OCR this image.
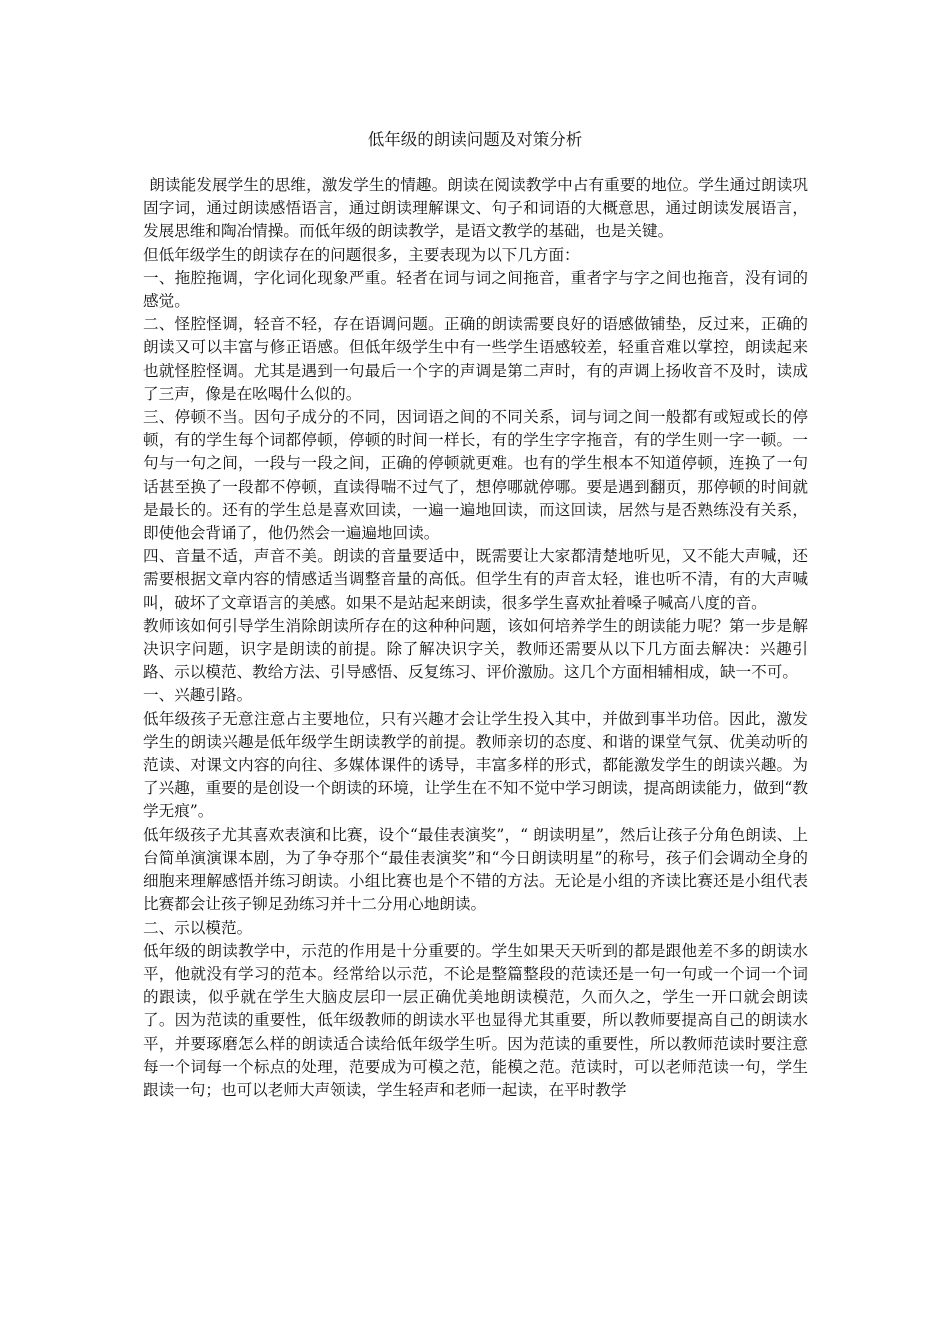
低年级的朗读问题及对策分析

朗读能发展学生的思维，激发学生的情趣。朗读在阅读教学中占有重要的地位。学生通过朗读巩固字词，通过朗读感悟语言，通过朗读理解课文、句子和词语的大概意思，通过朗读发展语言，发展思维和陶冶情操。而低年级的朗读教学，是语文教学的基础，也是关键。

但低年级学生的朗读存在的问题很多，主要表现为以下几方面：

一、拖腔拖调，字化词化现象严重。轻者在词与词之间拖音，重者字与字之间也拖音，没有词的感觉。

二、怪腔怪调，轻音不轻，存在语调问题。正确的朗读需要良好的语感做铺垫，反过来，正确的朗读又可以丰富与修正语感。但低年级学生中有一些学生语感较差，轻重音难以掌控，朗读起来也就怪腔怪调。尤其是遇到一句最后一个字的声调是第二声时，有的声调上扬收音不及时，读成了三声，像是在吆喝什么似的。

三、停顿不当。因句子成分的不同，因词语之间的不同关系，词与词之间一般都有或短或长的停顿，有的学生每个词都停顿，停顿的时间一样长，有的学生字字拖音，有的学生则一字一顿。一句与一句之间，一段与一段之间，正确的停顿就更难。也有的学生根本不知道停顿，连换了一句话甚至换了一段都不停顿，直读得喘不过气了，想停哪就停哪。要是遇到翻页，那停顿的时间就是最长的。还有的学生总是喜欢回读，一遍一遍地回读，而这回读，居然与是否熟练没有关系，即使他会背诵了，他仍然会一遍遍地回读。

四、音量不适，声音不美。朗读的音量要适中，既需要让大家都清楚地听见，又不能大声喊，还需要根据文章内容的情感适当调整音量的高低。但学生有的声音太轻，谁也听不清，有的大声喊叫，破坏了文章语言的美感。如果不是站起来朗读，很多学生喜欢扯着嗓子喊高八度的音。

教师该如何引导学生消除朗读所存在的这种种问题，该如何培养学生的朗读能力呢？第一步是解决识字问题，识字是朗读的前提。除了解决识字关，教师还需要从以下几方面去解决：兴趣引路、示以模范、教给方法、引导感悟、反复练习、评价激励。这几个方面相辅相成，缺一不可。

一、兴趣引路。

低年级孩子无意注意占主要地位，只有兴趣才会让学生投入其中，并做到事半功倍。因此，激发学生的朗读兴趣是低年级学生朗读教学的前提。教师亲切的态度、和谐的课堂气氛、优美动听的范读、对课文内容的向往、多媒体课件的诱导，丰富多样的形式，都能激发学生的朗读兴趣。为了兴趣，重要的是创设一个朗读的环境，让学生在不知不觉中学习朗读，提高朗读能力，做到“教学无痕”。

低年级孩子尤其喜欢表演和比赛，设个“最佳表演奖”，“ 朗读明星”，然后让孩子分角色朗读、上台简单演演课本剧，为了争夺那个“最佳表演奖”和“今日朗读明星”的称号，孩子们会调动全身的细胞来理解感悟并练习朗读。小组比赛也是个不错的方法。无论是小组的齐读比赛还是小组代表比赛都会让孩子铆足劲练习并十二分用心地朗读。

二、示以模范。

低年级的朗读教学中，示范的作用是十分重要的。学生如果天天听到的都是跟他差不多的朗读水平，他就没有学习的范本。经常给以示范，不论是整篇整段的范读还是一句一句或一个词一个词的跟读，似乎就在学生大脑皮层印一层正确优美地朗读模范，久而久之，学生一开口就会朗读了。因为范读的重要性，低年级教师的朗读水平也显得尤其重要，所以教师要提高自己的朗读水平，并要琢磨怎么样的朗读适合读给低年级学生听。因为范读的重要性，所以教师范读时要注意每一个词每一个标点的处理，范要成为可模之范，能模之范。范读时，可以老师范读一句，学生跟读一句；也可以老师大声领读，学生轻声和老师一起读，在平时教学
